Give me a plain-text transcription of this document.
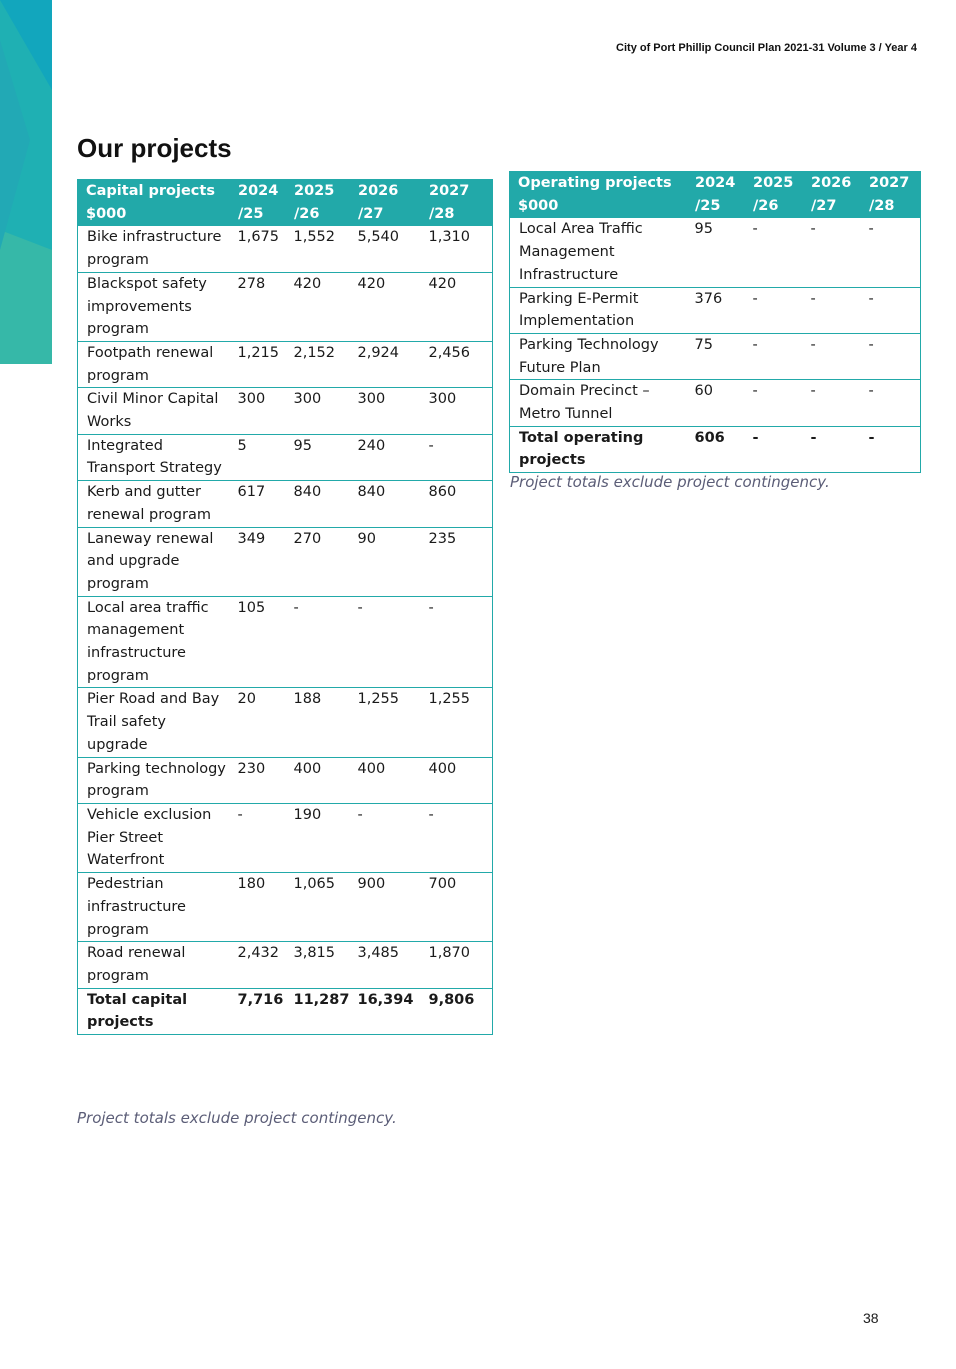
City of Port Phillip Council Plan 2021-31 Volume 3 / Year 4
Our projects
Capital projects $000	2024 /25	2025 /26	2026 /27	2027 /28
Bike infrastructure program	1,675	1,552	5,540	1,310
Blackspot safety improvements program	278	420	420	420
Footpath renewal program	1,215	2,152	2,924	2,456
Civil Minor Capital Works	300	300	300	300
Integrated Transport Strategy	5	95	240	-
Kerb and gutter renewal program	617	840	840	860
Laneway renewal and upgrade program	349	270	90	235
Local area traffic management infrastructure program	105	-	-	-
Pier Road and Bay Trail safety upgrade	20	188	1,255	1,255
Parking technology program	230	400	400	400
Vehicle exclusion Pier Street Waterfront	-	190	-	-
Pedestrian infrastructure program	180	1,065	900	700
Road renewal program	2,432	3,815	3,485	1,870
Total capital projects	7,716	11,287	16,394	9,806
Project totals exclude project contingency.
Operating projects $000	2024 /25	2025 /26	2026 /27	2027 /28
Local Area Traffic Management Infrastructure	95	-	-	-
Parking E-Permit Implementation	376	-	-	-
Parking Technology Future Plan	75	-	-	-
Domain Precinct – Metro Tunnel	60	-	-	-
Total operating projects	606	-	-	-
Project totals exclude project contingency.
38
